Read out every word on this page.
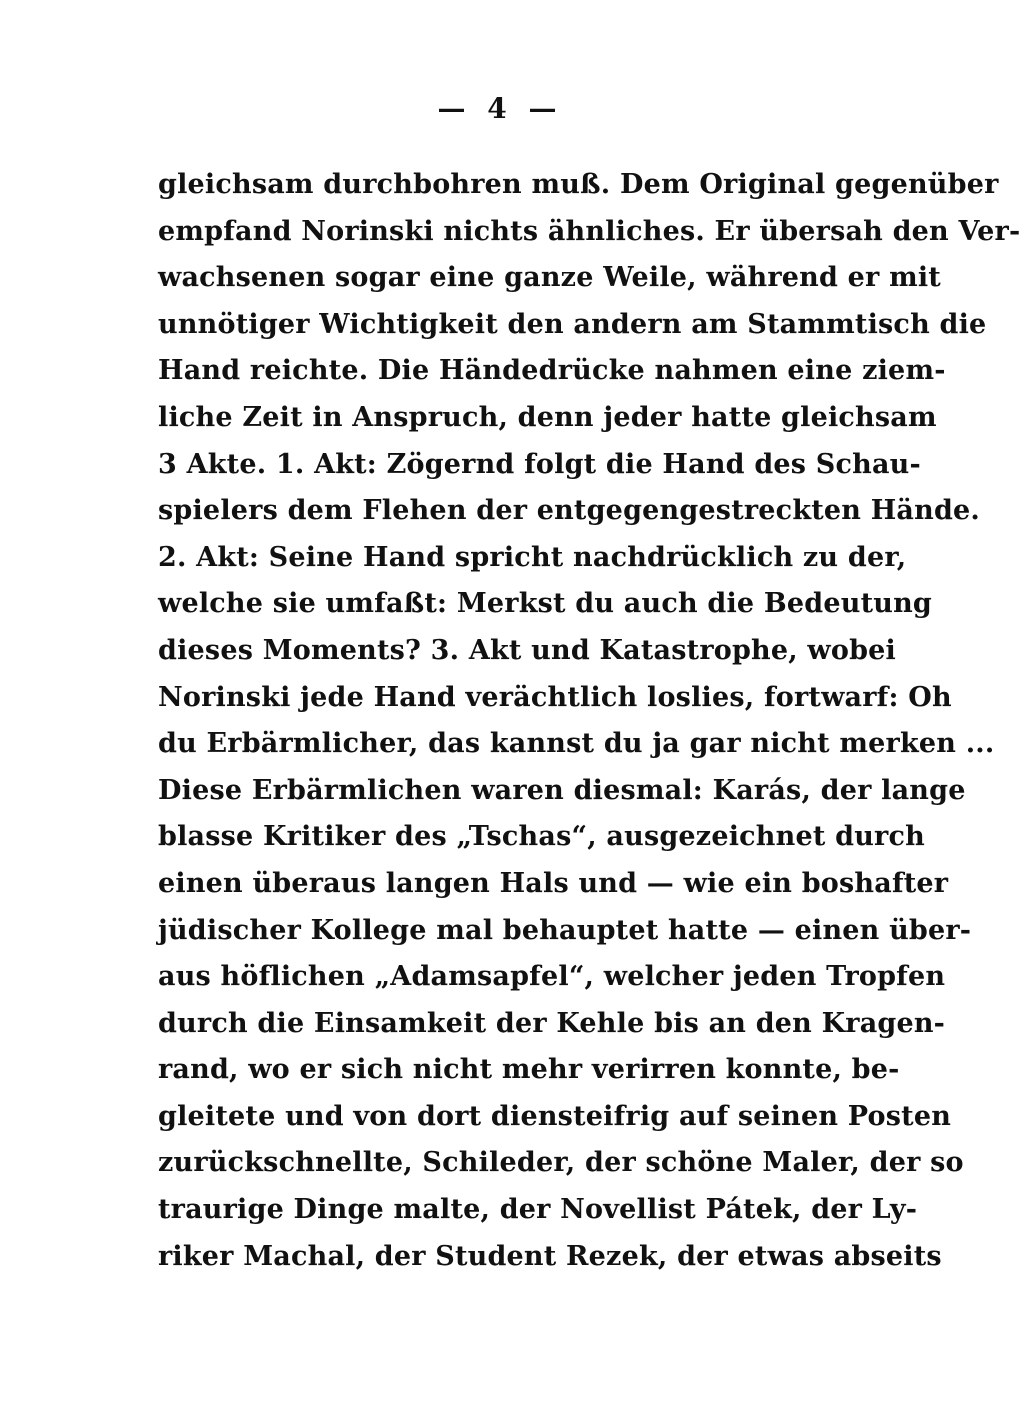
— 4 —
gleichsam durchbohren muß. Dem Original gegenüber
empfand Norinski nichts ähnliches. Er übersah den Ver-
wachsenen sogar eine ganze Weile, während er mit
unnötiger Wichtigkeit den andern am Stammtisch die
Hand reichte. Die Händedrücke nahmen eine ziem-
liche Zeit in Anspruch, denn jeder hatte gleichsam
3 Akte. 1. Akt: Zögernd folgt die Hand des Schau-
spielers dem Flehen der entgegengestreckten Hände.
2. Akt: Seine Hand spricht nachdrücklich zu der,
welche sie umfaßt: Merkst du auch die Bedeutung
dieses Moments? 3. Akt und Katastrophe, wobei
Norinski jede Hand verächtlich loslies, fortwarf: Oh
du Erbärmlicher, das kannst du ja gar nicht merken ...
Diese Erbärmlichen waren diesmal: Karás, der lange
blasse Kritiker des „Tschas“, ausgezeichnet durch
einen überaus langen Hals und — wie ein boshafter
jüdischer Kollege mal behauptet hatte — einen über-
aus höflichen „Adamsapfel“, welcher jeden Tropfen
durch die Einsamkeit der Kehle bis an den Kragen-
rand, wo er sich nicht mehr verirren konnte, be-
gleitete und von dort diensteifrig auf seinen Posten
zurückschnellte, Schileder, der schöne Maler, der so
traurige Dinge malte, der Novellist Pátek, der Ly-
riker Machal, der Student Rezek, der etwas abseits
